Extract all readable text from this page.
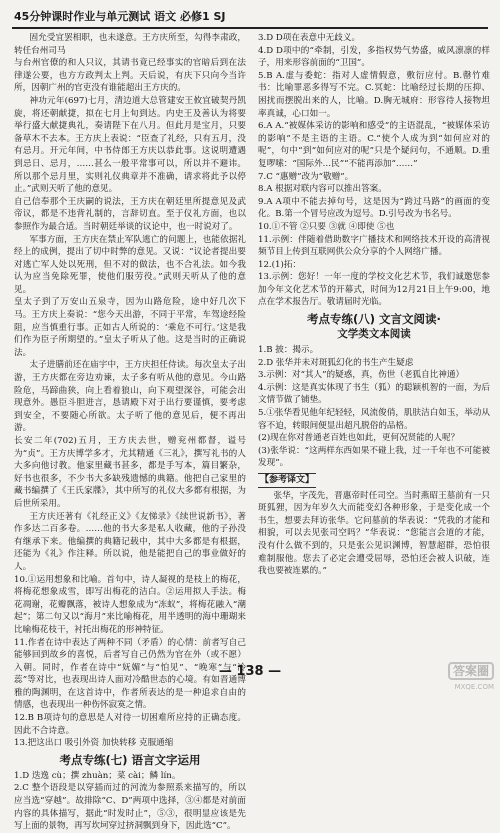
45分钟课时作业与单元测试 语文 必修1 SJ

固允受宜罢相职，也未遂意。王方庆所至，勾得李肃政，转任台州司马

与台州官僚的和人只议，其请书竟已经事实的官暗后到在法律遂公要，也方方政判太上判。天后说，有庆下只向今当许所，因朝广州的官吏没有谁能超出王方庆的。

神功元年(697)七月，清边道大总管建安王攸宜破契丹凯旋，将还朝献捷，拟在七月上旬到达。内史王及善认为将要举行盛大献捷典礼，奏请陛下在八月。但此月是宝月，只要备草木不去本。王方庆上表说：“臣查了礼经，只有五月，没有忌月。开元年间，中书侍郎王方庆以恭此事。这说明遭遇到忌日、忌月，……甚么一般平常事可以，所以并不避讳。所以那个忌月里，实则礼仪典章并不准确，请求将此予以停止。”武则天听了他的意见。

自己信奉那个王庆嗣的说法，王方庆在朝廷里所提意见及武帝议，都是不违背礼制的，言辞切直。至于仪礼方面，也以参照作为最合适。当时朝廷举谈的议论中，也一时说对了。

军事方面，王方庆在禁止军队逃亡的问题上，也能依据礼经上的成例，提出了切中时弊的意见。又说：“议论者提出要对逃亡军人处以死刑，但不对的做法，也不合礼法。如今我认为应当免除死罪，使他们服劳役。”武则天听从了他的意见。

皇太子到了万安山五泉寺，因为山路危险，途中好几次下马。王方庆上奏说：“您今天出游，不同于平常，车驾途经险阻，应当慎重行事。正如古人所说的：‘乘危不可行。’这是我们作为臣子所期望的。”皇太子听从了他。这是当时的正确说法。

太子进膳前还在庙宇中，王方庆担任侍读。每次皇太子出游，王方庆都在旁边劝谏，太子多有听从他的意见。今山路险危，马蹄曲狭，向上看着狼山，向下观望深谷，可能会出现意外。愚臣斗胆进言，恳请殿下对于出行要谨慎，要考虑到安全，不要随心所欲。太子听了他的意见后，便不再出游。

长安二年(702)五月，王方庆去世，赠兖州都督，谥号为“贞”。王方庆博学多才，尤其精通《三礼》，撰写礼书的人大多向他讨教。他家里藏书甚多，都是手写本，篇目繁杂，好书也很多，不少书大多缺残遗憾的典籍。他把自己家里的藏书编撰了《王氏家牒》，其中所写的礼仪大多都有根据，为后世所采用。

王方庆还著有《礼经正义》《友悌录》《续世说新书》，著作多达二百多卷。……他的书大多是私人收藏，他的子孙没有继承下来。他编撰的典籍记载中，其中大多都是有根据，还能为《礼》作注释。所以说，他是能把自己的事业做好的人。

10.①运用想象和比喻。首句中，诗人凝视的是枝上的梅花，将梅花想象成雪，即写出梅花的洁白。②运用拟人手法。梅花凋谢，花瓣飘落，被诗人想象成为“冻蚁”，将梅花融入“潮起”；第二句又以“海月”来比喻梅花，用半透明的海中珊瑚来比喻梅花枝干，衬托出梅花的形神特征。

11.作者在诗中表达了两种不同（矛盾）的心情：前者写自己能够回到故乡的喜悦，后者写自己仍然为官在外（或不愿）入朝。同时，作者在诗中“妩媚”与“怕见”、“晚寒”与“冷蕊”等对比，也表现出诗人面对冷酷世态的心境。有如晋通博雅的陶渊明，在这首诗中，作者所表达的是一种追求自由的情感，也表现出一种伤怀寂寞之情。

12.B B项诗句的意思是人对待一切困难所应持的正确态度。因此不合诗意。

13.把这出口 吸引外资 加快转移 克服通缩

考点专练(七) 语言文字运用

1.D 迭逸 cù；撰 zhuàn；菜 cài；鳞 lín。

2.C 整个语段是以穿插而过的河流为参照系来描写的，所以应当选“穿越”。故排除“C、D”两项中选择，③④都是对前面内容的具体描写，据此“时发时止”，⑤③，很明显应该是先写上面的景物，再写坎坷穿过挤洞飘到身下，因此选“C”。

3.D D项在表意中无歧义。

4.D D项中的“牵制，引发，多指权势气势盛，威风凛凛的样子，用来形容前面的“卫国”。

5.B A.虚与委蛇：指对人虚情假意，敷衍应付。B.罄竹难书：比喻罪恶多得写不完。C.冥蛇：比喻经过长期的压抑、困扰而摆脱出来的人，比喻。D.胸无城府：形容待人接物坦率真诚，心口如一。

6.A A.“被媒体采访的影响和感受”的主语混乱，“被媒体采访的影响”不是主语的主语。C.“使个人成为到“如何应对的呢”，句中“到“如何应对的呢”只是个疑问句，不通顺。D.重复啰嗦：“国际外…民”“不能再添加“……”

7.C “惠赠”改为“敬赠”。

8.A 根据对联内容可以推出答案。

9.A A项中不能去掉句号，这是因为“跨过马路”的画面的变化。B.第一个冒号应改为逗号。D.引号改为书名号。

10.①不管 ②只要 ③就 ④即使 ⑤也

11.示例：伴随着借助数字广播技术和网络技术开设的高清视频节目上传到互联网供公众分享的个人网络广播。

12.(1)拓：

13.示例：您好！一年一度的学校文化艺术节，我们诚邀您参加今年文化艺术节的开幕式，时间为12月21日上午9:00，地点在学术报告厅。敬请届时光临。

考点专练(八) 文言文阅读·
文学类文本阅读

1.B 披：揭示。

2.D 张华并未对斑狐幻化的书生产生疑虑

3.示例：对“其人”的疑惑，真，伤世（老狐自比神通）

4.示例：这是真实体现了书生（狐）的聪颖机智的一面，为后文情节做了铺垫。

5.①张华看见他年纪轻轻，风流俊俏，肌肤洁白如玉，举动从容不迫，转眼间便显出超凡脱俗的品格。

(2)现在你对普通老百姓也如此，更何况贤能的人呢？

(3)张华说：“这两样东西如果不碰上我，过一千年也不可能被发现”。

【参考译文】

张华，字茂先，晋惠帝时任司空。当时燕昭王墓前有一只斑狐狸，因为年岁久大而能变幻各种形象，于是变化成一个书生，想要去拜访张华。它问墓前的华表说：“凭我的才能和相貌，可以去见张司空吗？”华表说：“您能言会道的才能，没有什么做不到的，只是张公见识渊博，智慧超群，恐怕很难制服他。您去了必定会遭受屈辱，恐怕还会被人识破，连我也要被连累的。”

— 138 —	答案圈
MXQE.COM
